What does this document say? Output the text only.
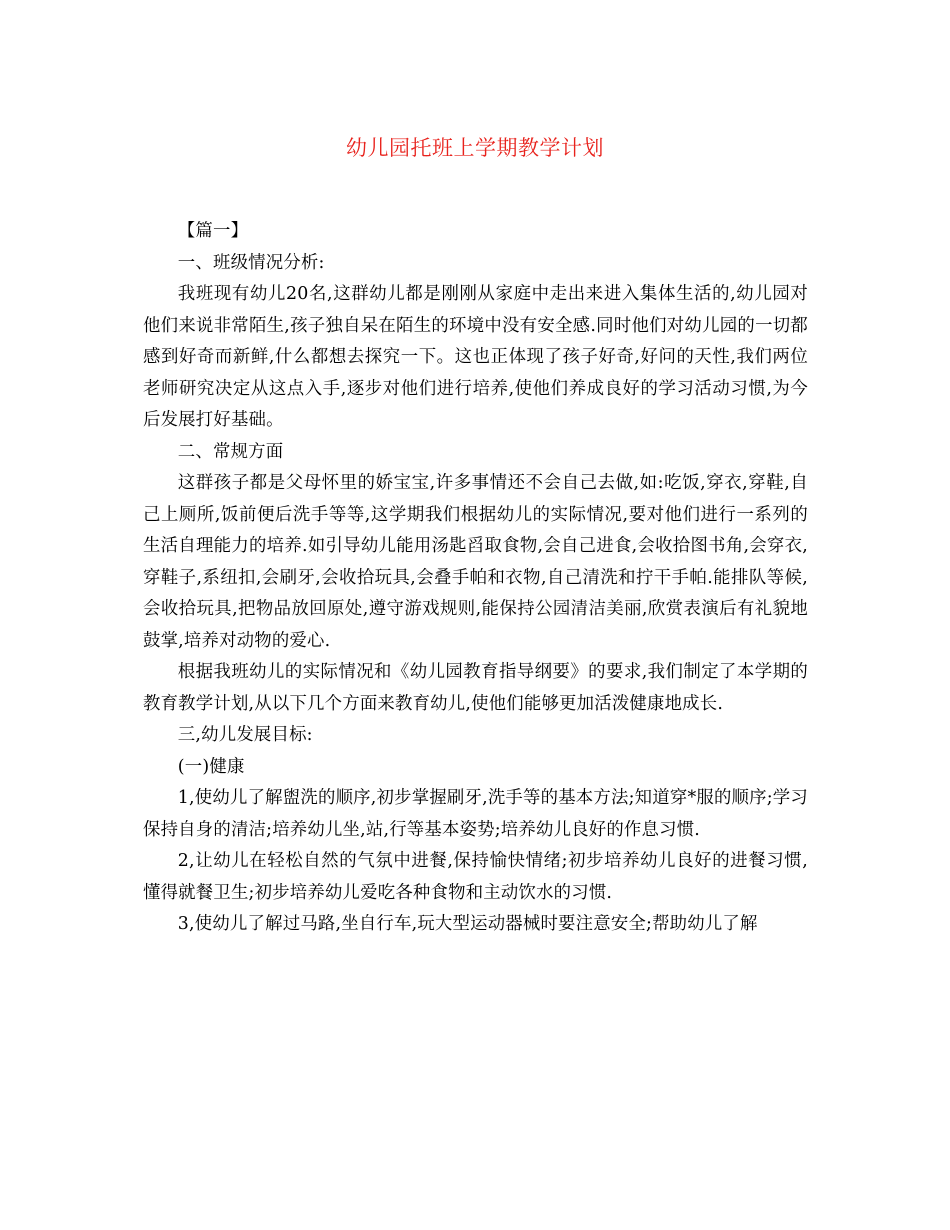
幼儿园托班上学期教学计划

【篇一】

一、班级情况分析:

我班现有幼儿20名,这群幼儿都是刚刚从家庭中走出来进入集体生活的,幼儿园对他们来说非常陌生,孩子独自呆在陌生的环境中没有安全感.同时他们对幼儿园的一切都感到好奇而新鲜,什么都想去探究一下。这也正体现了孩子好奇,好问的天性,我们两位老师研究决定从这点入手,逐步对他们进行培养,使他们养成良好的学习活动习惯,为今后发展打好基础。

二、常规方面

这群孩子都是父母怀里的娇宝宝,许多事情还不会自己去做,如:吃饭,穿衣,穿鞋,自己上厕所,饭前便后洗手等等,这学期我们根据幼儿的实际情况,要对他们进行一系列的生活自理能力的培养.如引导幼儿能用汤匙舀取食物,会自己进食,会收拾图书角,会穿衣,穿鞋子,系纽扣,会刷牙,会收拾玩具,会叠手帕和衣物,自己清洗和拧干手帕.能排队等候,会收拾玩具,把物品放回原处,遵守游戏规则,能保持公园清洁美丽,欣赏表演后有礼貌地鼓掌,培养对动物的爱心.

根据我班幼儿的实际情况和《幼儿园教育指导纲要》的要求,我们制定了本学期的教育教学计划,从以下几个方面来教育幼儿,使他们能够更加活泼健康地成长.

三,幼儿发展目标:

(一)健康

1,使幼儿了解盥洗的顺序,初步掌握刷牙,洗手等的基本方法;知道穿*服的顺序;学习保持自身的清洁;培养幼儿坐,站,行等基本姿势;培养幼儿良好的作息习惯.

2,让幼儿在轻松自然的气氛中进餐,保持愉快情绪;初步培养幼儿良好的进餐习惯,懂得就餐卫生;初步培养幼儿爱吃各种食物和主动饮水的习惯.

3,使幼儿了解过马路,坐自行车,玩大型运动器械时要注意安全;帮助幼儿了解
